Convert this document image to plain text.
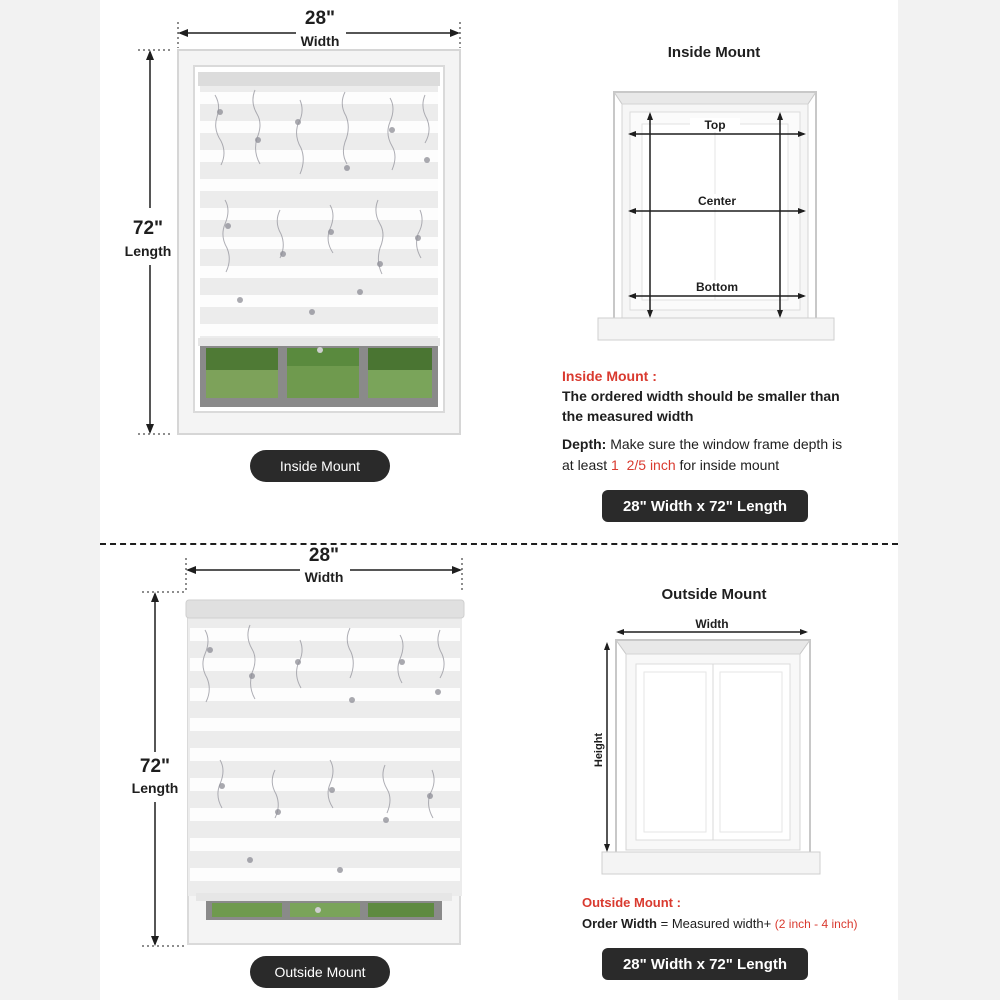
28"
Width
72"
Length
Inside Mount
Inside Mount
Top
Center
Bottom
Inside Mount :
The ordered width should be smaller than
the measured width
Depth: Make sure the window frame depth is
at least 1  2/5 inch for inside mount
28" Width x 72" Length
28"
Width
72"
Length
Outside Mount
Outside Mount
Width
Height
Outside Mount :
Order Width = Measured width+ (2 inch - 4 inch)
28" Width x 72" Length
